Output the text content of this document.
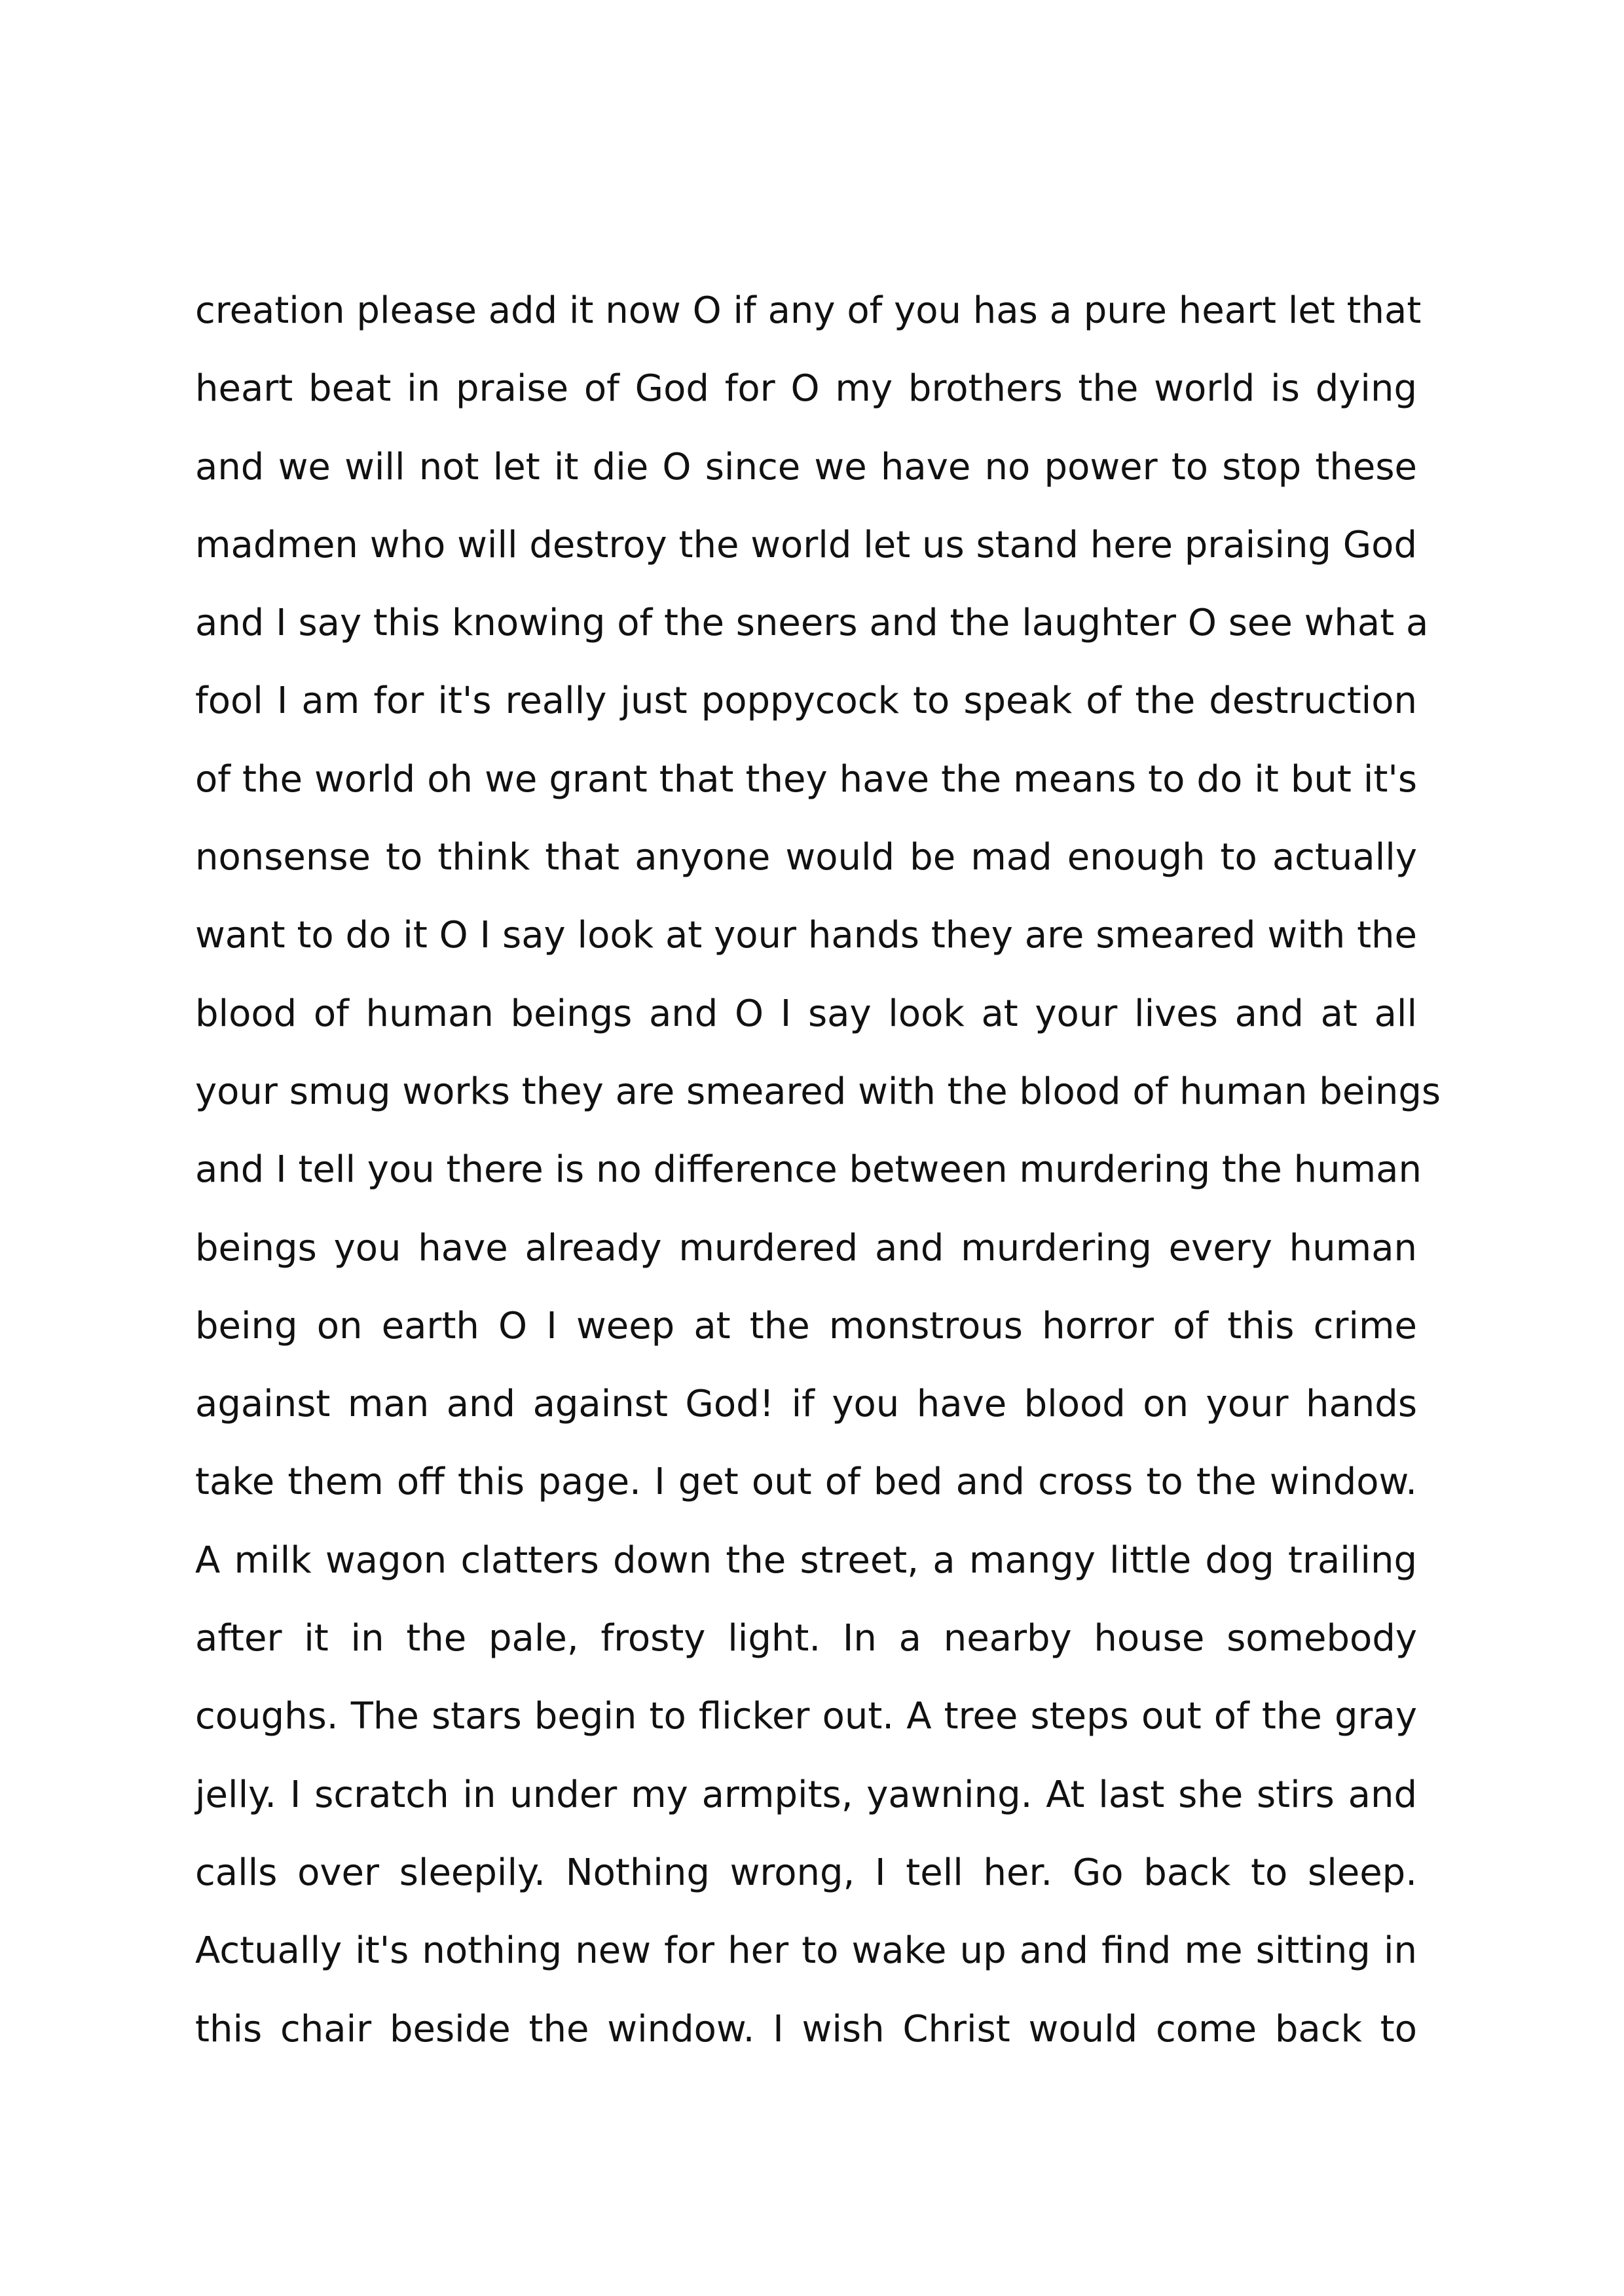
creation please add it now O if any of you has a pure heart let that
heart beat in praise of God for O my brothers the world is dying
and we will not let it die O since we have no power to stop these
madmen who will destroy the world let us stand here praising God
and I say this knowing of the sneers and the laughter O see what a
fool I am for it's really just poppycock to speak of the destruction
of the world oh we grant that they have the means to do it but it's
nonsense to think that anyone would be mad enough to actually
want to do it O I say look at your hands they are smeared with the
blood of human beings and O I say look at your lives and at all
your smug works they are smeared with the blood of human beings
and I tell you there is no difference between murdering the human
beings you have already murdered and murdering every human
being on earth O I weep at the monstrous horror of this crime
against man and against God! if you have blood on your hands
take them off this page. I get out of bed and cross to the window.
A milk wagon clatters down the street, a mangy little dog trailing
after it in the pale, frosty light. In a nearby house somebody
coughs. The stars begin to flicker out. A tree steps out of the gray
jelly. I scratch in under my armpits, yawning. At last she stirs and
calls over sleepily. Nothing wrong, I tell her. Go back to sleep.
Actually it's nothing new for her to wake up and find me sitting in
this chair beside the window. I wish Christ would come back to
